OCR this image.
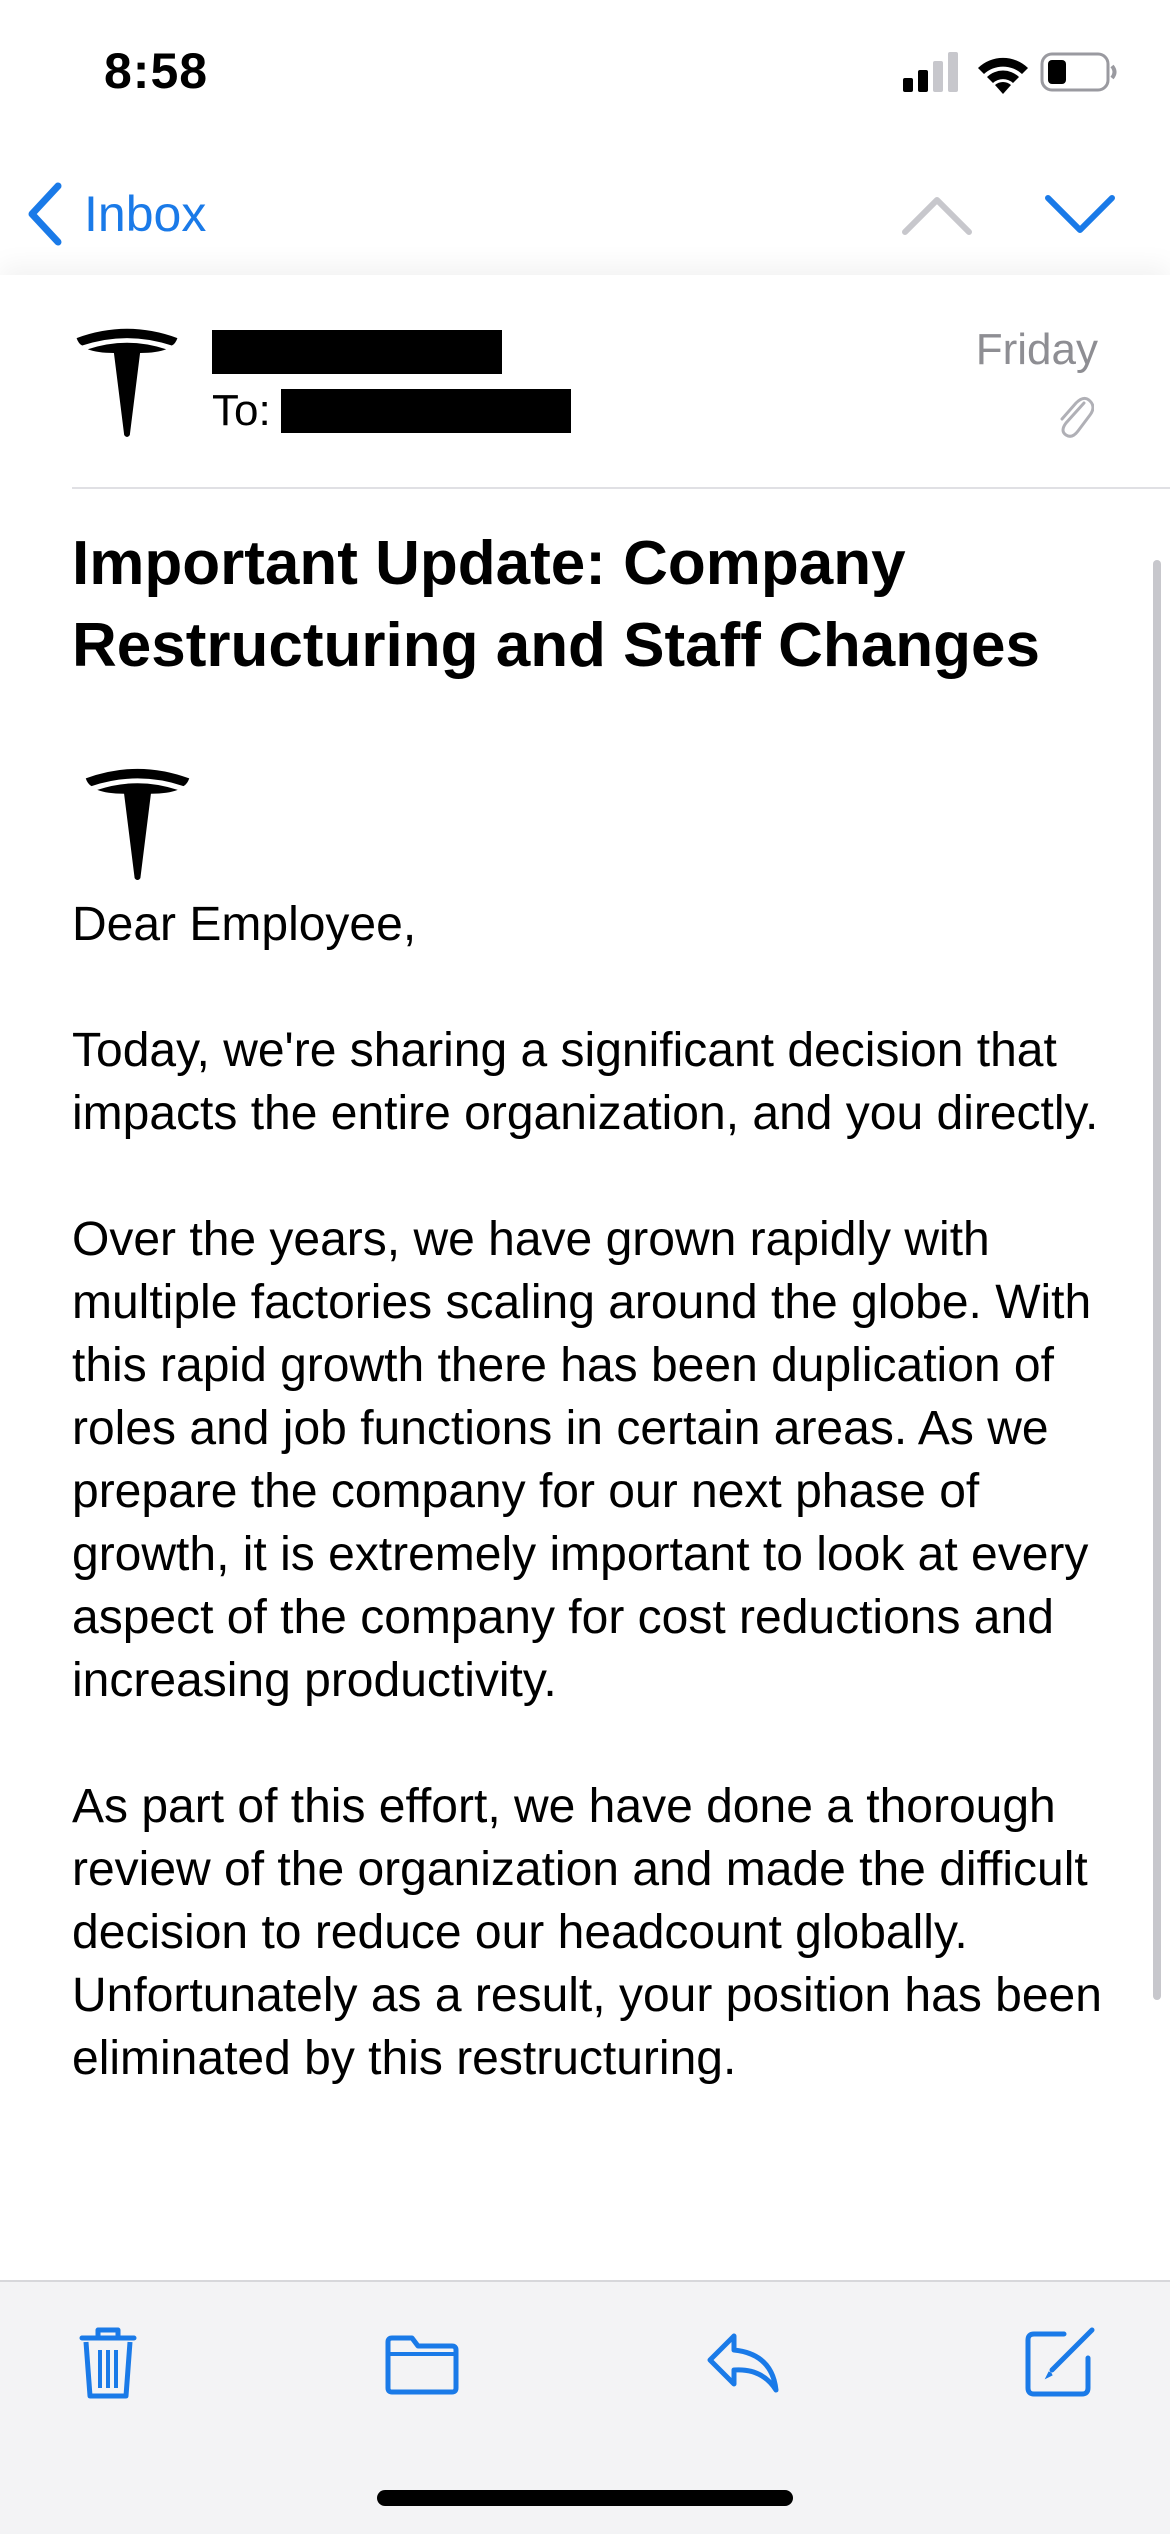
8:58
Inbox
To:
Friday
Important Update: Company Restructuring and Staff Changes

Dear Employee,

Today, we're sharing a significant decision that impacts the entire organization, and you directly.

Over the years, we have grown rapidly with multiple factories scaling around the globe. With this rapid growth there has been duplication of roles and job functions in certain areas. As we prepare the company for our next phase of growth, it is extremely important to look at every aspect of the company for cost reductions and increasing productivity.

As part of this effort, we have done a thorough review of the organization and made the difficult decision to reduce our headcount globally. Unfortunately as a result, your position has been eliminated by this restructuring.
